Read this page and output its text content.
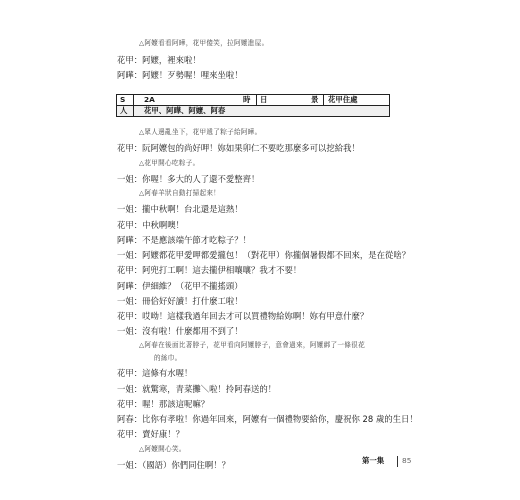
△阿嬤看看阿曄，花甲傻笑，拉阿嬤進屋。
花甲：阿嬤，裡來啦！
阿曄：阿嬤！歹勢喔！哩來坐啦！
S	2A	時 日	景 花甲住處
人 花甲、阿曄、阿嬤、阿春
△眾人邊亂坐下，花甲遞了粽子給阿曄。
花甲：阮阿嬤包的尚好呷！妳如果卯仁不要吃那麼多可以挖給我！
△花甲開心吃粽子。
一姐：你喔！多大的人了還不愛整齊！
△阿春羊狀自動打掃起來！
一姐：攏中秋啊！台北還是這熱！
花甲：中秋啊噢！
阿曄：不是應該端午節才吃粽子？！
一姐：阿嬤都花甲愛呷都愛攏包！（對花甲）你攏個暑假都不回來，是在從啥？
花甲：阿兜打工啊！這去攏伊相嚷嚷？我才不要！
阿曄：伊細維？（花甲不攏搖頭）
一姐：冊佮好好讀！打什麼工啦！
花甲：哎呦！這樣我過年回去才可以買禮物給妳啊！妳有甲意什麼？
一姐：沒有啦！什麼都用不到了！
△阿春在後面比著脖子，花甲看向阿嬤脖子，意會過來，阿嬤綁了一條很花
的絲巾。
花甲：這條有水喔！
一姐：就驚寒，青菜攤＼啦！拎阿春送的！
花甲：喔！那該這呢嘛？
阿春：比你有孝啦！你過年回來，阿嬤有一個禮物要給你，慶祝你 28 歲的生日！
花甲：賣好康！？
△阿嬤開心笑。
一姐：（國語）你們同住啊！？	第一集 85
